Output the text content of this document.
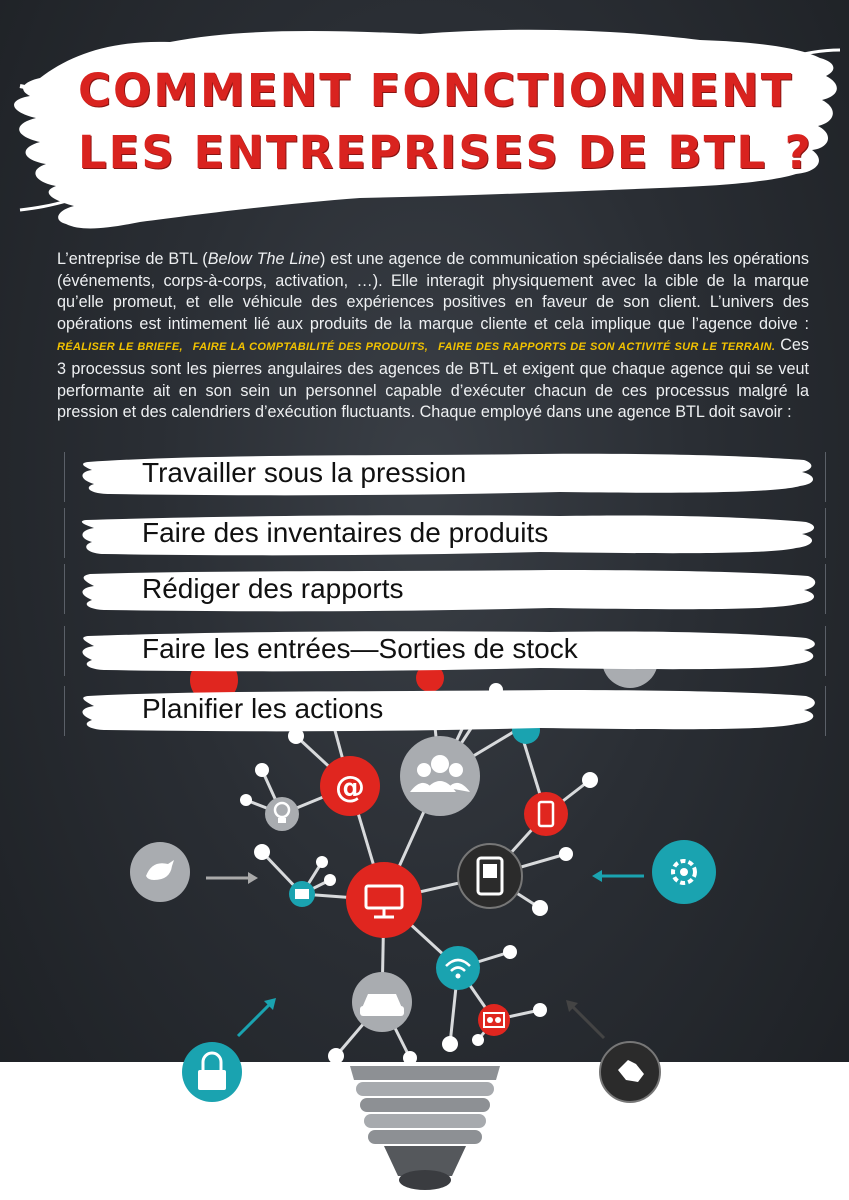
COMMENT FONCTIONNENT
LES ENTREPRISES DE BTL ?

L’entreprise de BTL (Below The Line) est une agence de communication spécialisée dans les opérations (événements, corps-à-corps, activation, …). Elle interagit physiquement avec la cible de la marque qu’elle promeut, et elle véhicule des expériences positives en faveur de son client. L’univers des opérations est intimement lié aux produits de la marque cliente et cela implique que l’agence doive : RÉALISER LE BRIEFE, FAIRE LA COMPTABILITÉ DES PRODUITS, FAIRE DES RAPPORTS DE SON ACTIVITÉ SUR LE TERRAIN. Ces 3 processus sont les pierres angulaires des agences de BTL et exigent que chaque agence qui se veut performante ait en son sein un personnel capable d’exécuter chacun de ces processus malgré la pression et des calendriers d’exécution fluctuants. Chaque employé dans une agence BTL doit savoir :

@
Travailler sous la pression
Faire des inventaires de produits
Rédiger des rapports
Faire les entrées—Sorties de stock
Planifier les actions
